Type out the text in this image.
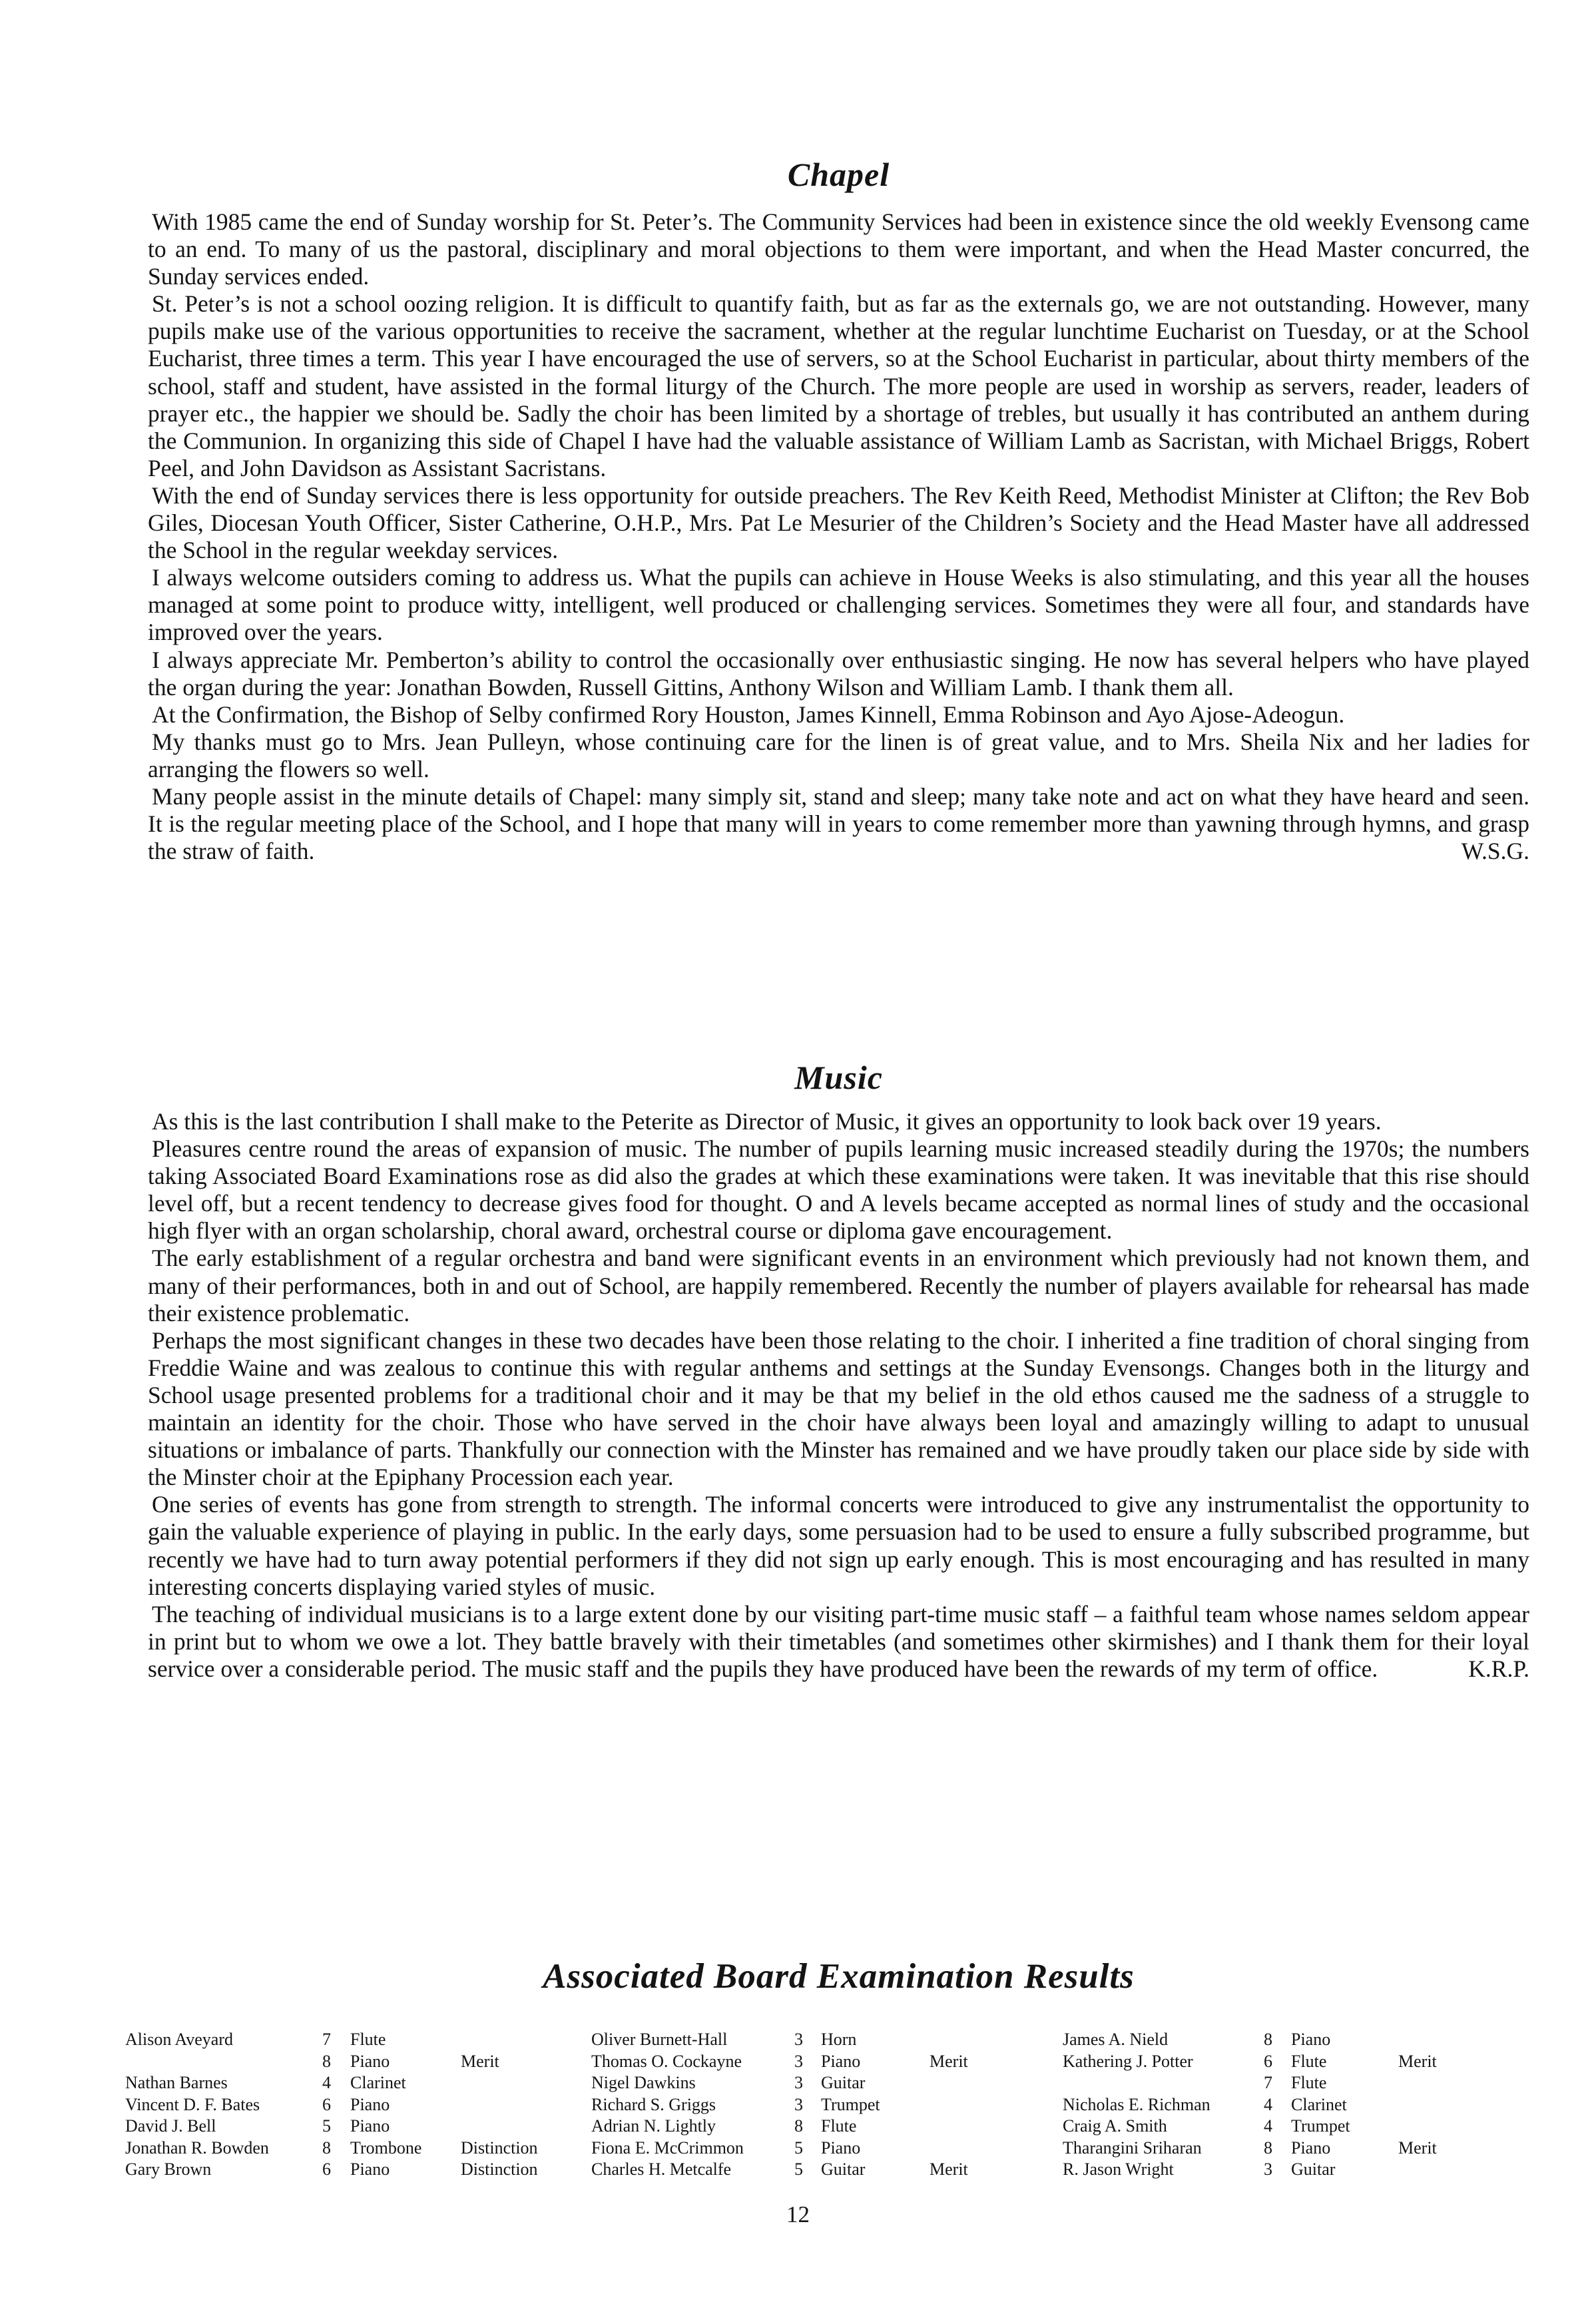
Chapel

With 1985 came the end of Sunday worship for St. Peter’s. The Community Services had been in existence since the old weekly Evensong came to an end. To many of us the pastoral, disciplinary and moral objections to them were important, and when the Head Master concurred, the Sunday services ended.

St. Peter’s is not a school oozing religion. It is difficult to quantify faith, but as far as the externals go, we are not outstanding. However, many pupils make use of the various opportunities to receive the sacrament, whether at the regular lunchtime Eucharist on Tuesday, or at the School Eucharist, three times a term. This year I have encouraged the use of servers, so at the School Eucharist in particular, about thirty members of the school, staff and student, have assisted in the formal liturgy of the Church. The more people are used in worship as servers, reader, leaders of prayer etc., the happier we should be. Sadly the choir has been limited by a shortage of trebles, but usually it has contributed an anthem during the Communion. In organizing this side of Chapel I have had the valuable assistance of William Lamb as Sacristan, with Michael Briggs, Robert Peel, and John Davidson as Assistant Sacristans.

With the end of Sunday services there is less opportunity for outside preachers. The Rev Keith Reed, Methodist Minister at Clifton; the Rev Bob Giles, Diocesan Youth Officer, Sister Catherine, O.H.P., Mrs. Pat Le Mesurier of the Children’s Society and the Head Master have all addressed the School in the regular weekday services.

I always welcome outsiders coming to address us. What the pupils can achieve in House Weeks is also stimulating, and this year all the houses managed at some point to produce witty, intelligent, well produced or challenging services. Sometimes they were all four, and standards have improved over the years.

I always appreciate Mr. Pemberton’s ability to control the occasionally over enthusiastic singing. He now has several helpers who have played the organ during the year: Jonathan Bowden, Russell Gittins, Anthony Wilson and William Lamb. I thank them all.

At the Confirmation, the Bishop of Selby confirmed Rory Houston, James Kinnell, Emma Robinson and Ayo Ajose-Adeogun.

My thanks must go to Mrs. Jean Pulleyn, whose continuing care for the linen is of great value, and to Mrs. Sheila Nix and her ladies for arranging the flowers so well.

Many people assist in the minute details of Chapel: many simply sit, stand and sleep; many take note and act on what they have heard and seen. It is the regular meeting place of the School, and I hope that many will in years to come remember more than yawning through hymns, and grasp the straw of faith.	W.S.G.

Music

As this is the last contribution I shall make to the Peterite as Director of Music, it gives an opportunity to look back over 19 years.

Pleasures centre round the areas of expansion of music. The number of pupils learning music increased steadily during the 1970s; the numbers taking Associated Board Examinations rose as did also the grades at which these examinations were taken. It was inevitable that this rise should level off, but a recent tendency to decrease gives food for thought. O and A levels became accepted as normal lines of study and the occasional high flyer with an organ scholarship, choral award, orchestral course or diploma gave encouragement.

The early establishment of a regular orchestra and band were significant events in an environment which previously had not known them, and many of their performances, both in and out of School, are happily remembered. Recently the number of players available for rehearsal has made their existence problematic.

Perhaps the most significant changes in these two decades have been those relating to the choir. I inherited a fine tradition of choral singing from Freddie Waine and was zealous to continue this with regular anthems and settings at the Sunday Evensongs. Changes both in the liturgy and School usage presented problems for a traditional choir and it may be that my belief in the old ethos caused me the sadness of a struggle to maintain an identity for the choir. Those who have served in the choir have always been loyal and amazingly willing to adapt to unusual situations or imbalance of parts. Thankfully our connection with the Minster has remained and we have proudly taken our place side by side with the Minster choir at the Epiphany Procession each year.

One series of events has gone from strength to strength. The informal concerts were introduced to give any instrumentalist the opportunity to gain the valuable experience of playing in public. In the early days, some persuasion had to be used to ensure a fully subscribed programme, but recently we have had to turn away potential performers if they did not sign up early enough. This is most encouraging and has resulted in many interesting concerts displaying varied styles of music.

The teaching of individual musicians is to a large extent done by our visiting part-time music staff – a faithful team whose names seldom appear in print but to whom we owe a lot. They battle bravely with their timetables (and sometimes other skirmishes) and I thank them for their loyal service over a considerable period. The music staff and the pupils they have produced have been the rewards of my term of office.	K.R.P.

Associated Board Examination Results
Alison Aveyard	7 Flute
8 Piano	Merit
Nathan Barnes	4 Clarinet
Vincent D. F. Bates	6 Piano
David J. Bell	5 Piano
Jonathan R. Bowden	8 Trombone Distinction
Gary Brown	6 Piano	Distinction
Oliver Burnett-Hall	3 Horn
Thomas O. Cockayne	3 Piano	Merit
Nigel Dawkins	3 Guitar
Richard S. Griggs	3 Trumpet
Adrian N. Lightly	8 Flute
Fiona E. McCrimmon	5 Piano
Charles H. Metcalfe	5 Guitar	Merit
James A. Nield	8 Piano
Kathering J. Potter	6 Flute	Merit
7 Flute
Nicholas E. Richman	4 Clarinet
Craig A. Smith	4 Trumpet
Tharangini Sriharan	8 Piano	Merit
R. Jason Wright	3 Guitar
12
